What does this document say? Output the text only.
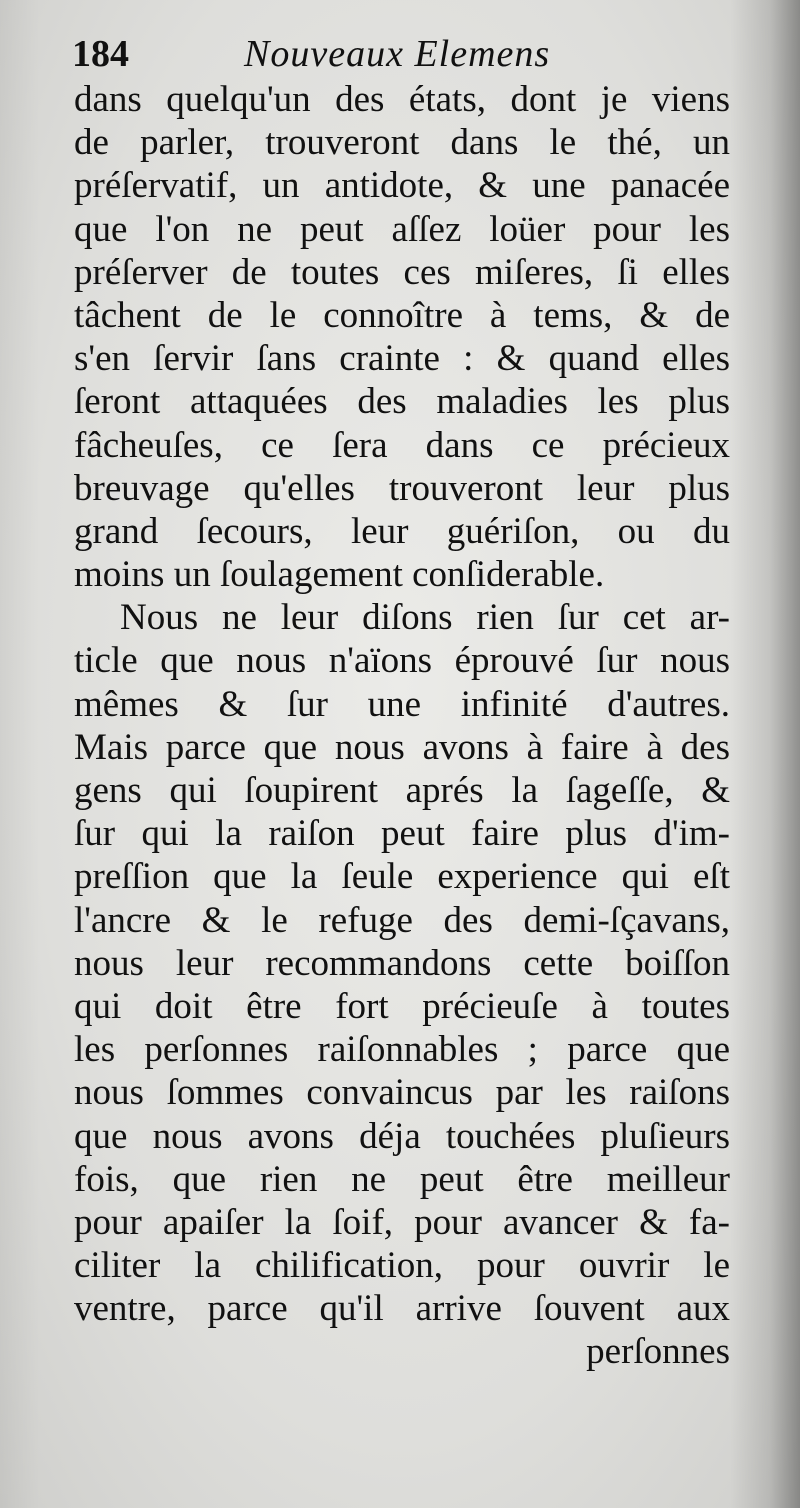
184	Nouveaux Elemens
dans quelqu'un des états, dont je viens
de parler, trouveront dans le thé, un
préſervatif, un antidote, & une panacée
que l'on ne peut aſſez loüer pour les
préſerver de toutes ces miſeres, ſi elles
tâchent de le connoître à tems, & de
s'en ſervir ſans crainte : & quand elles
ſeront attaquées des maladies les plus
fâcheuſes, ce ſera dans ce précieux
breuvage qu'elles trouveront leur plus
grand ſecours, leur guériſon, ou du
moins un ſoulagement conſiderable.
Nous ne leur diſons rien ſur cet ar-
ticle que nous n'aïons éprouvé ſur nous
mêmes & ſur une infinité d'autres.
Mais parce que nous avons à faire à des
gens qui ſoupirent aprés la ſageſſe, &
ſur qui la raiſon peut faire plus d'im-
preſſion que la ſeule experience qui eſt
l'ancre & le refuge des demi-ſçavans,
nous leur recommandons cette boiſſon
qui doit être fort précieuſe à toutes
les perſonnes raiſonnables ; parce que
nous ſommes convaincus par les raiſons
que nous avons déja touchées pluſieurs
fois, que rien ne peut être meilleur
pour apaiſer la ſoif, pour avancer & fa-
ciliter la chilification, pour ouvrir le
ventre, parce qu'il arrive ſouvent aux
perſonnes
